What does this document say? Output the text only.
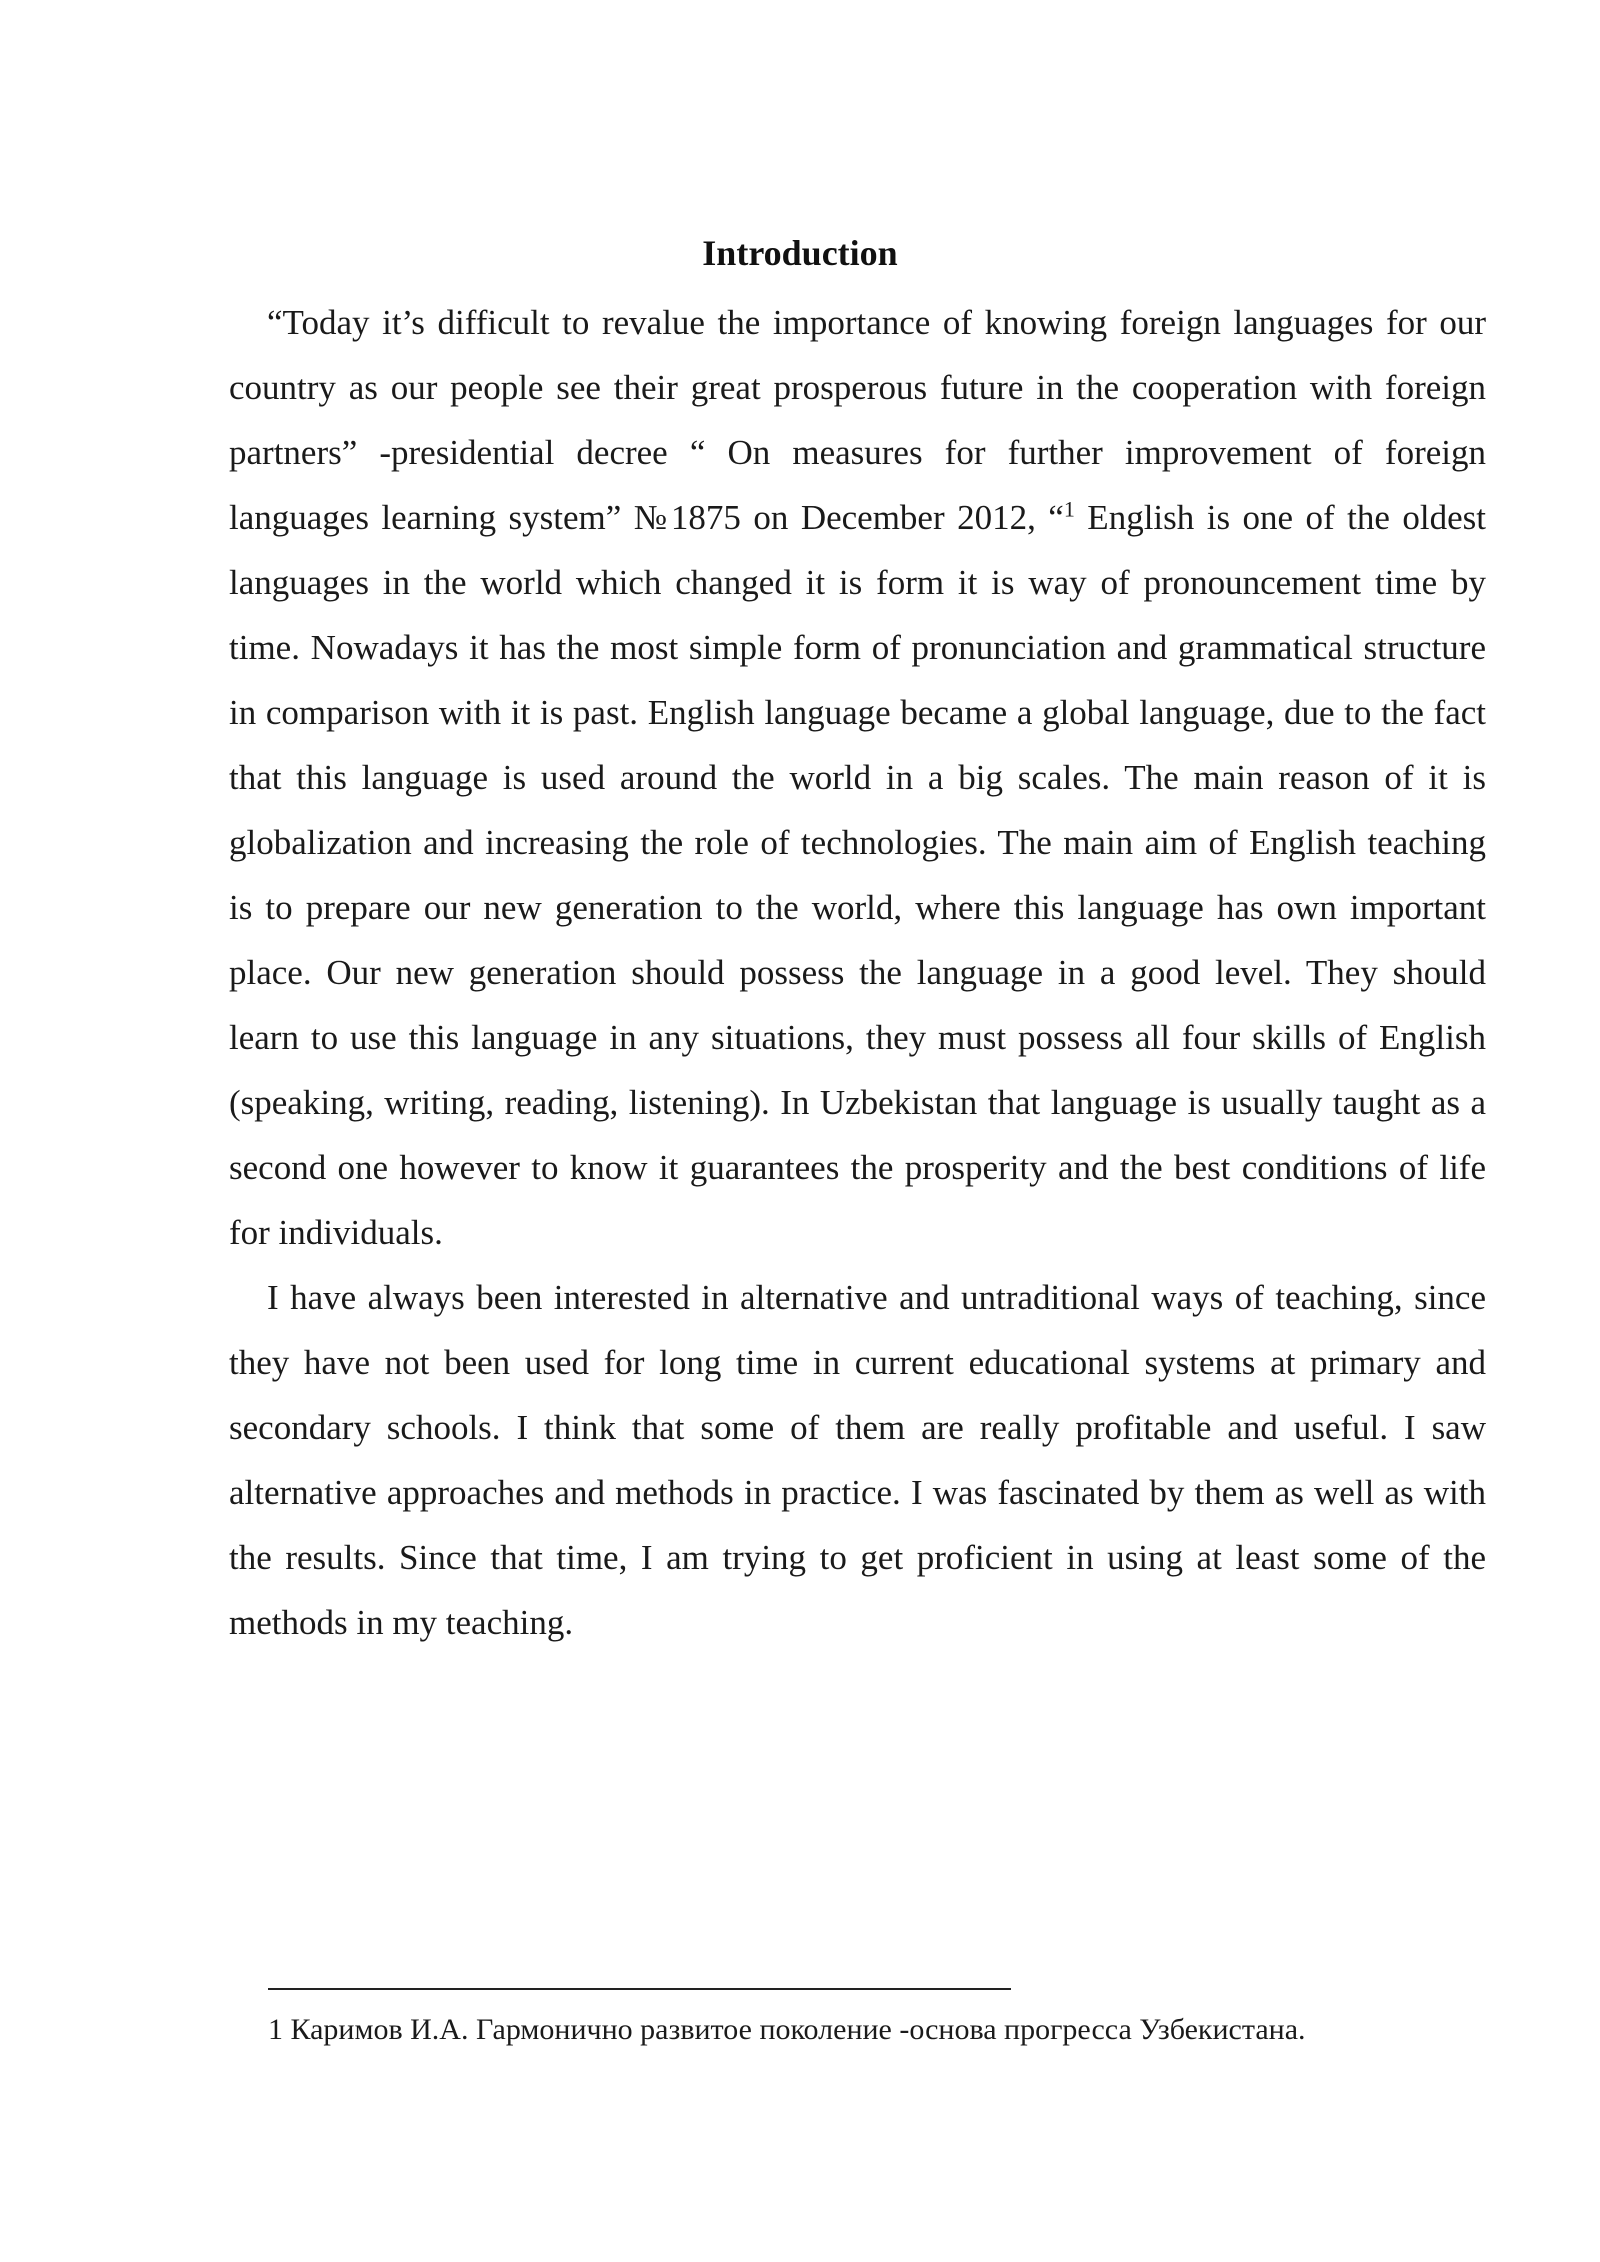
Introduction

“Today it’s difficult to revalue the importance of knowing foreign languages for our country as our people see their great prosperous future in the cooperation with foreign partners” -presidential decree “ On measures for further improvement of foreign languages learning system” №1875 on December 2012, “$^1$ English is one of the oldest languages in the world which changed it is form it is way of pronouncement time by time. Nowadays it has the most simple form of pronunciation and grammatical structure in comparison with it is past. English language became a global language, due to the fact that this language is used around the world in a big scales. The main reason of it is globalization and increasing the role of technologies. The main aim of English teaching is to prepare our new generation to the world, where this language has own important place. Our new generation should possess the language in a good level. They should learn to use this language in any situations, they must possess all four skills of English (speaking, writing, reading, listening). In Uzbekistan that language is usually taught as a second one however to know it guarantees the prosperity and the best conditions of life for individuals.

I have always been interested in alternative and untraditional ways of teaching, since they have not been used for long time in current educational systems at primary and secondary schools. I think that some of them are really profitable and useful. I saw alternative approaches and methods in practice. I was fascinated by them as well as with the results. Since that time, I am trying to get proficient in using at least some of the methods in my teaching.

1 Каримов И.А. Гармонично развитое поколение -основа прогресса Узбекистана.
